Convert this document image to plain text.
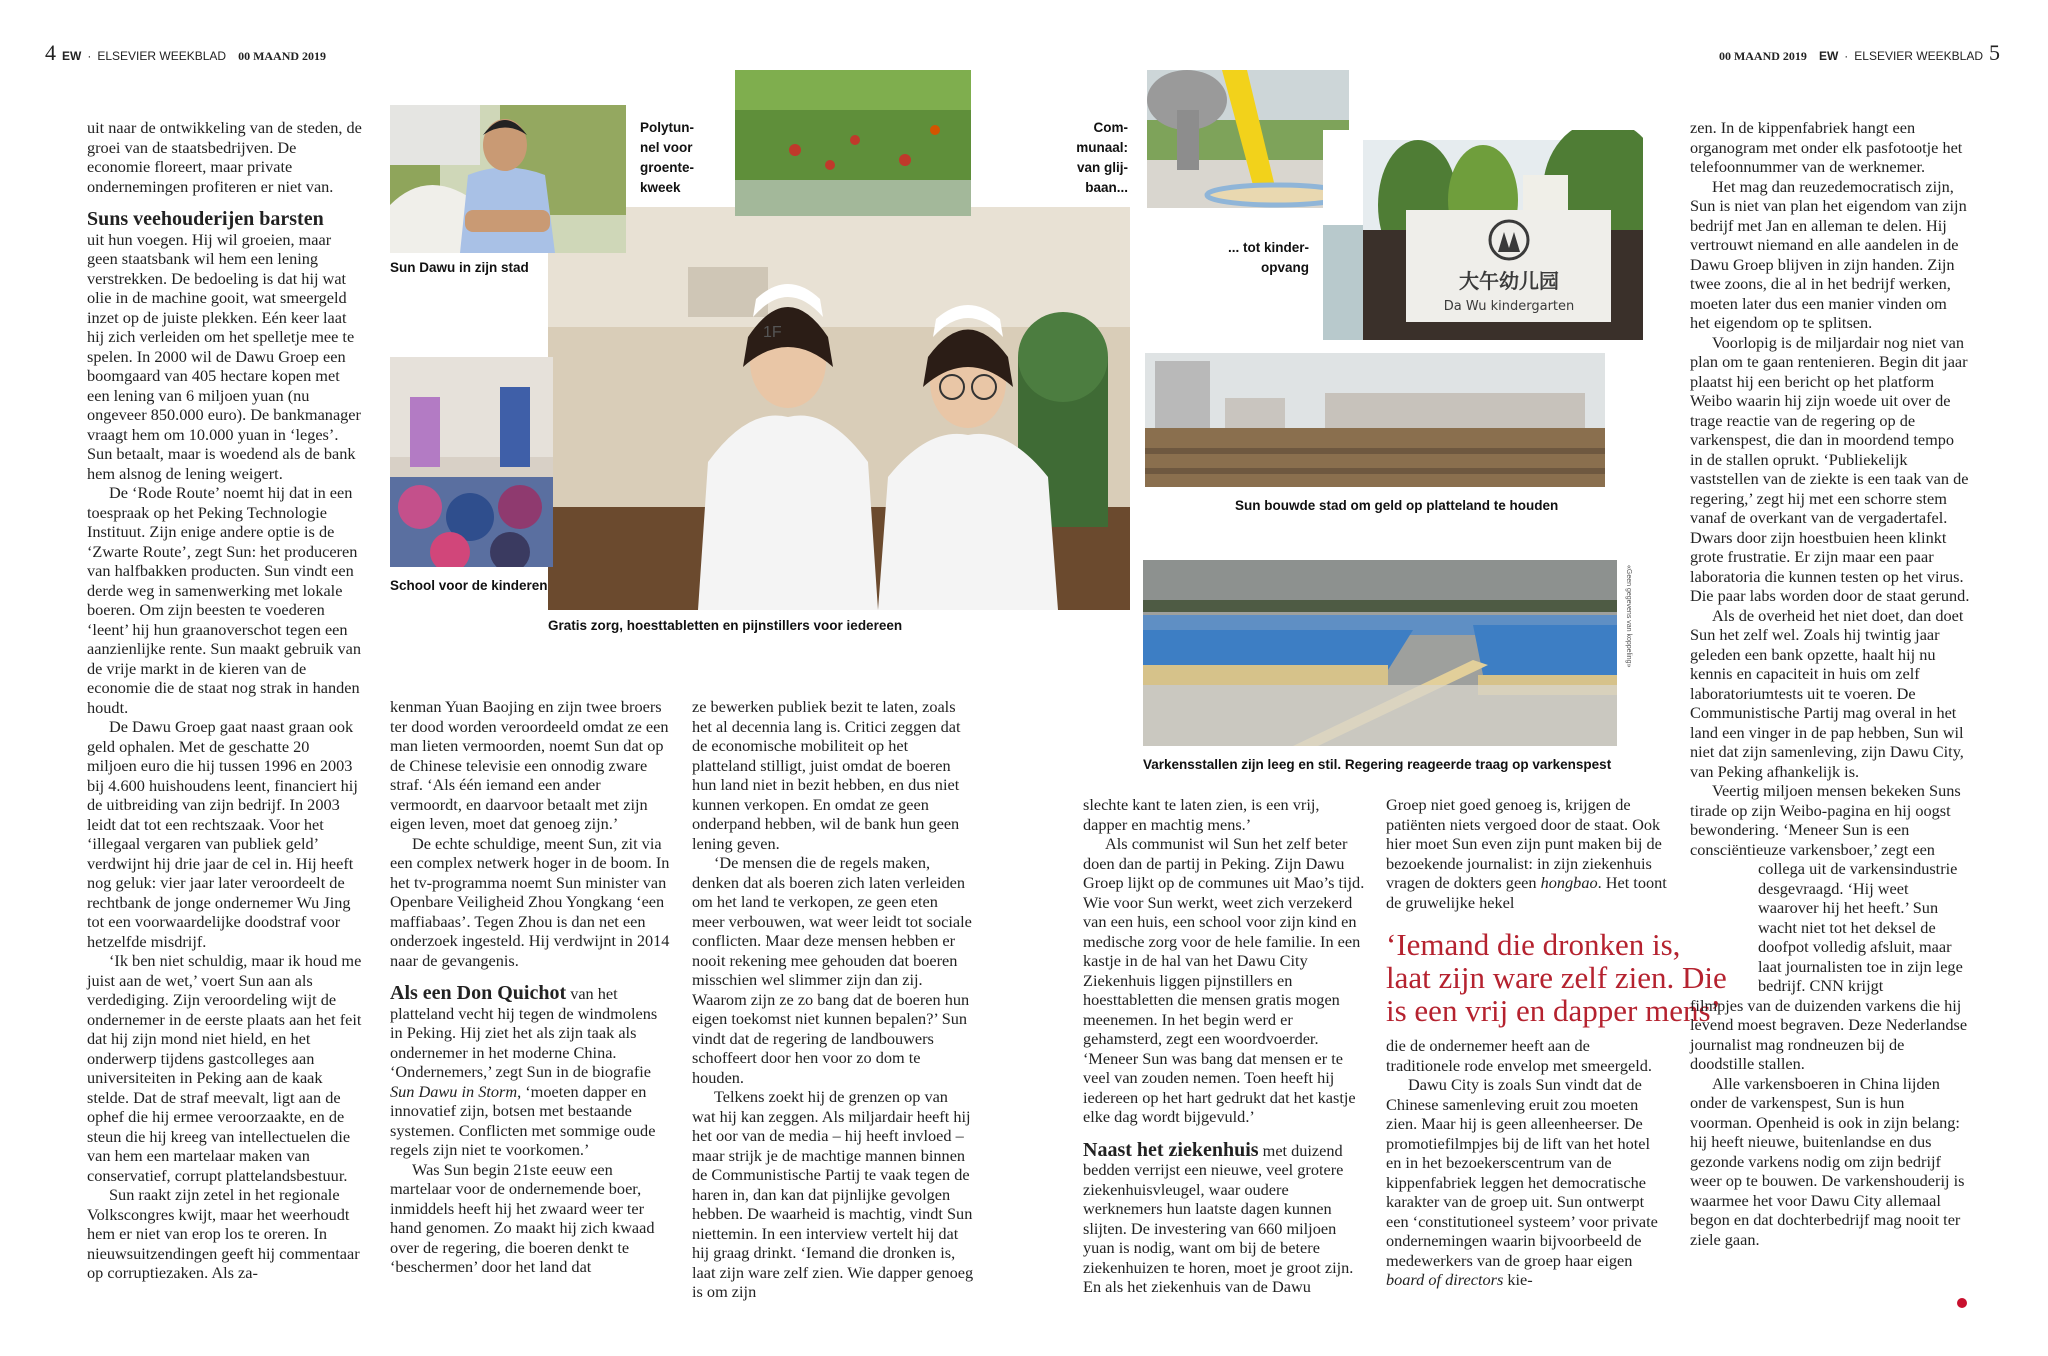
4 EW · ELSEVIER WEEKBLAD 00 MAAND 2019	00 MAAND 2019 EW · ELSEVIER WEEKBLAD 5

uit naar de ontwikkeling van de steden, de groei van de staatsbedrijven. De economie floreert, maar private ondernemingen profiteren er niet van.

Suns veehouderijen barsten
uit hun voegen. Hij wil groeien, maar geen staatsbank wil hem een lening verstrekken. De bedoeling is dat hij wat olie in de machine gooit, wat smeergeld inzet op de juiste plekken. Eén keer laat hij zich verleiden om het spelletje mee te spelen. In 2000 wil de Dawu Groep een boomgaard van 405 hectare kopen met een lening van 6 miljoen yuan (nu ongeveer 850.000 euro). De bankmanager vraagt hem om 10.000 yuan in ‘leges’. Sun betaalt, maar is woedend als de bank hem alsnog de lening weigert.

De ‘Rode Route’ noemt hij dat in een toespraak op het Peking Technologie Instituut. Zijn enige andere optie is de ‘Zwarte Route’, zegt Sun: het produceren van halfbakken producten. Sun vindt een derde weg in samenwerking met lokale boeren. Om zijn beesten te voederen ‘leent’ hij hun graanoverschot tegen een aanzienlijke rente. Sun maakt gebruik van de vrije markt in de kieren van de economie die de staat nog strak in handen houdt.

De Dawu Groep gaat naast graan ook geld ophalen. Met de geschatte 20 miljoen euro die hij tussen 1996 en 2003 bij 4.600 huishoudens leent, financiert hij de uitbreiding van zijn bedrijf. In 2003 leidt dat tot een rechtszaak. Voor het ‘illegaal vergaren van publiek geld’ verdwijnt hij drie jaar de cel in. Hij heeft nog geluk: vier jaar later veroordeelt de rechtbank de jonge ondernemer Wu Jing tot een voorwaardelijke doodstraf voor hetzelfde misdrijf.

‘Ik ben niet schuldig, maar ik houd me juist aan de wet,’ voert Sun aan als verdediging. Zijn veroordeling wijt de ondernemer in de eerste plaats aan het feit dat hij zijn mond niet hield, en het onderwerp tijdens gastcolleges aan universiteiten in Peking aan de kaak stelde. Dat de straf meevalt, ligt aan de ophef die hij ermee veroorzaakte, en de steun die hij kreeg van intellectuelen die van hem een martelaar maken van conservatief, corrupt plattelandsbestuur.

Sun raakt zijn zetel in het regionale Volkscongres kwijt, maar het weerhoudt hem er niet van erop los te oreren. In nieuwsuitzendingen geeft hij commentaar op corruptiezaken. Als za-

kenman Yuan Baojing en zijn twee broers ter dood worden veroordeeld omdat ze een man lieten vermoorden, noemt Sun dat op de Chinese televisie een onnodig zware straf. ‘Als één iemand een ander vermoordt, en daarvoor betaalt met zijn eigen leven, moet dat genoeg zijn.’

De echte schuldige, meent Sun, zit via een complex netwerk hoger in de boom. In het tv-programma noemt Sun minister van Openbare Veiligheid Zhou Yongkang ‘een maffiabaas’. Tegen Zhou is dan net een onderzoek ingesteld. Hij verdwijnt in 2014 naar de gevangenis.

Als een Don Quichot van het platteland vecht hij tegen de windmolens in Peking. Hij ziet het als zijn taak als ondernemer in het moderne China. ‘Ondernemers,’ zegt Sun in de biografie Sun Dawu in Storm, ‘moeten dapper en innovatief zijn, botsen met bestaande systemen. Conflicten met sommige oude regels zijn niet te voorkomen.’

Was Sun begin 21ste eeuw een martelaar voor de ondernemende boer, inmiddels heeft hij het zwaard weer ter hand genomen. Zo maakt hij zich kwaad over de regering, die boeren denkt te ‘beschermen’ door het land dat

ze bewerken publiek bezit te laten, zoals het al decennia lang is. Critici zeggen dat de economische mobiliteit op het platteland stilligt, juist omdat de boeren hun land niet in bezit hebben, en dus niet kunnen verkopen. En omdat ze geen onderpand hebben, wil de bank hun geen lening geven.

‘De mensen die de regels maken, denken dat als boeren zich laten verleiden om het land te verkopen, ze geen eten meer verbouwen, wat weer leidt tot sociale conflicten. Maar deze mensen hebben er nooit rekening mee gehouden dat boeren misschien wel slimmer zijn dan zij. Waarom zijn ze zo bang dat de boeren hun eigen toekomst niet kunnen bepalen?’ Sun vindt dat de regering de landbouwers schoffeert door hen voor zo dom te houden.

Telkens zoekt hij de grenzen op van wat hij kan zeggen. Als miljardair heeft hij het oor van de media – hij heeft invloed – maar strijk je de machtige mannen binnen de Communistische Partij te vaak tegen de haren in, dan kan dat pijnlijke gevolgen hebben. De waarheid is machtig, vindt Sun niettemin. In een interview vertelt hij dat hij graag drinkt. ‘Iemand die dronken is, laat zijn ware zelf zien. Wie dapper genoeg is om zijn

slechte kant te laten zien, is een vrij, dapper en machtig mens.’

Als communist wil Sun het zelf beter doen dan de partij in Peking. Zijn Dawu Groep lijkt op de communes uit Mao’s tijd. Wie voor Sun werkt, weet zich verzekerd van een huis, een school voor zijn kind en medische zorg voor de hele familie. In een kastje in de hal van het Dawu City Ziekenhuis liggen pijnstillers en hoesttabletten die mensen gratis mogen meenemen. In het begin werd er gehamsterd, zegt een woordvoerder. ‘Meneer Sun was bang dat mensen er te veel van zouden nemen. Toen heeft hij iedereen op het hart gedrukt dat het kastje elke dag wordt bijgevuld.’

Naast het ziekenhuis met duizend bedden verrijst een nieuwe, veel grotere ziekenhuisvleugel, waar oudere werknemers hun laatste dagen kunnen slijten. De investering van 660 miljoen yuan is nodig, want om bij de betere ziekenhuizen te horen, moet je groot zijn. En als het ziekenhuis van de Dawu

Groep niet goed genoeg is, krijgen de patiënten niets vergoed door de staat. Ook hier moet Sun even zijn punt maken bij de bezoekende journalist: in zijn ziekenhuis vragen de dokters geen hongbao. Het toont de gruwelijke hekel

die de ondernemer heeft aan de traditionele rode envelop met smeergeld.

Dawu City is zoals Sun vindt dat de Chinese samenleving eruit zou moeten zien. Maar hij is geen alleenheerser. De promotiefilmpjes bij de lift van het hotel en in het bezoekerscentrum van de kippenfabriek leggen het democratische karakter van de groep uit. Sun ontwerpt een ‘constitutioneel systeem’ voor private ondernemingen waarin bijvoorbeeld de medewerkers van de groep haar eigen board of directors kie-

‘Iemand die dronken is,
laat zijn ware zelf zien. Die
is een vrij en dapper mens’

zen. In de kippenfabriek hangt een organogram met onder elk pasfotootje het telefoonnummer van de werknemer.

Het mag dan reuzedemocratisch zijn, Sun is niet van plan het eigendom van zijn bedrijf met Jan en alleman te delen. Hij vertrouwt niemand en alle aandelen in de Dawu Groep blijven in zijn handen. Zijn twee zoons, die al in het bedrijf werken, moeten later dus een manier vinden om het eigendom op te splitsen.

Voorlopig is de miljardair nog niet van plan om te gaan rentenieren. Begin dit jaar plaatst hij een bericht op het platform Weibo waarin hij zijn woede uit over de trage reactie van de regering op de varkenspest, die dan in moordend tempo in de stallen oprukt. ‘Publiekelijk vaststellen van de ziekte is een taak van de regering,’ zegt hij met een schorre stem vanaf de overkant van de vergadertafel. Dwars door zijn hoestbuien heen klinkt grote frustratie. Er zijn maar een paar laboratoria die kunnen testen op het virus. Die paar labs worden door de staat gerund.

Als de overheid het niet doet, dan doet Sun het zelf wel. Zoals hij twintig jaar geleden een bank opzette, haalt hij nu kennis en capaciteit in huis om zelf laboratoriumtests uit te voeren. De Communistische Partij mag overal in het land een vinger in de pap hebben, Sun wil niet dat zijn samenleving, zijn Dawu City, van Peking afhankelijk is.

Veertig miljoen mensen bekeken Suns tirade op zijn Weibo-pagina en hij oogst bewondering. ‘Meneer Sun is een consciëntieuze varkensboer,’ zegt een

collega uit de varkensindustrie desgevraagd. ‘Hij weet waarover hij het heeft.’ Sun wacht niet tot het deksel de doofpot volledig afsluit, maar laat journalisten toe in zijn lege bedrijf. CNN krijgt

filmpjes van de duizenden varkens die hij levend moest begraven. Deze Nederlandse journalist mag rondneuzen bij de doodstille stallen.

Alle varkensboeren in China lijden onder de varkenspest, Sun is hun voorman. Openheid is ook in zijn belang: hij heeft nieuwe, buitenlandse en dus gezonde varkens nodig om zijn bedrijf weer op te bouwen. De varkenshouderij is waarmee het voor Dawu City allemaal begon en dat dochterbedrijf mag nooit ter ziele gaan.

1F
Sun Dawu in zijn stad
Polytun-
nel voor
groente-
kweek
School voor de kinderen
Gratis zorg, hoesttabletten en pijnstillers voor iedereen
Com-
munaal:
van glij-
baan...
... tot kinder-
opvang
大午幼儿园
Da Wu kindergarten
Sun bouwde stad om geld op platteland te houden
«Geen gegevens van koppeling»
Varkensstallen zijn leeg en stil. Regering reageerde traag op varkenspest
